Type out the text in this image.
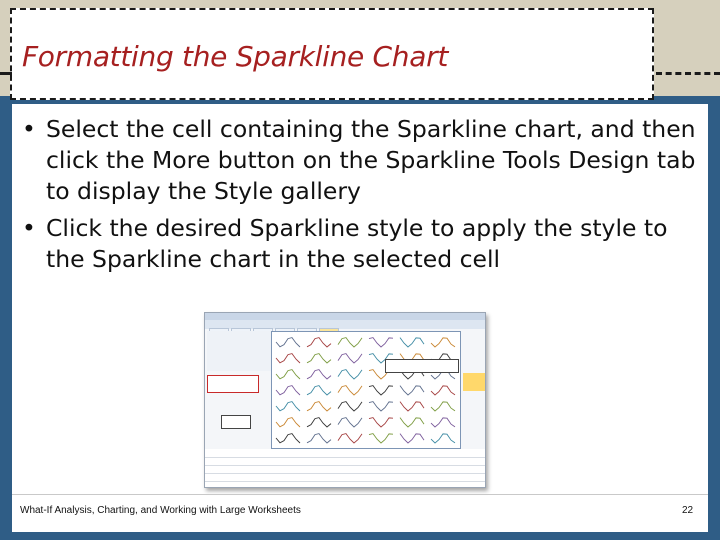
Formatting the Sparkline Chart
• Select the cell containing the Sparkline chart, and then click the More button on the Sparkline Tools Design tab to display the Style gallery
• Click the desired Sparkline style to apply the style to the Sparkline chart in the selected cell
What-If Analysis, Charting, and Working with Large Worksheets	22
